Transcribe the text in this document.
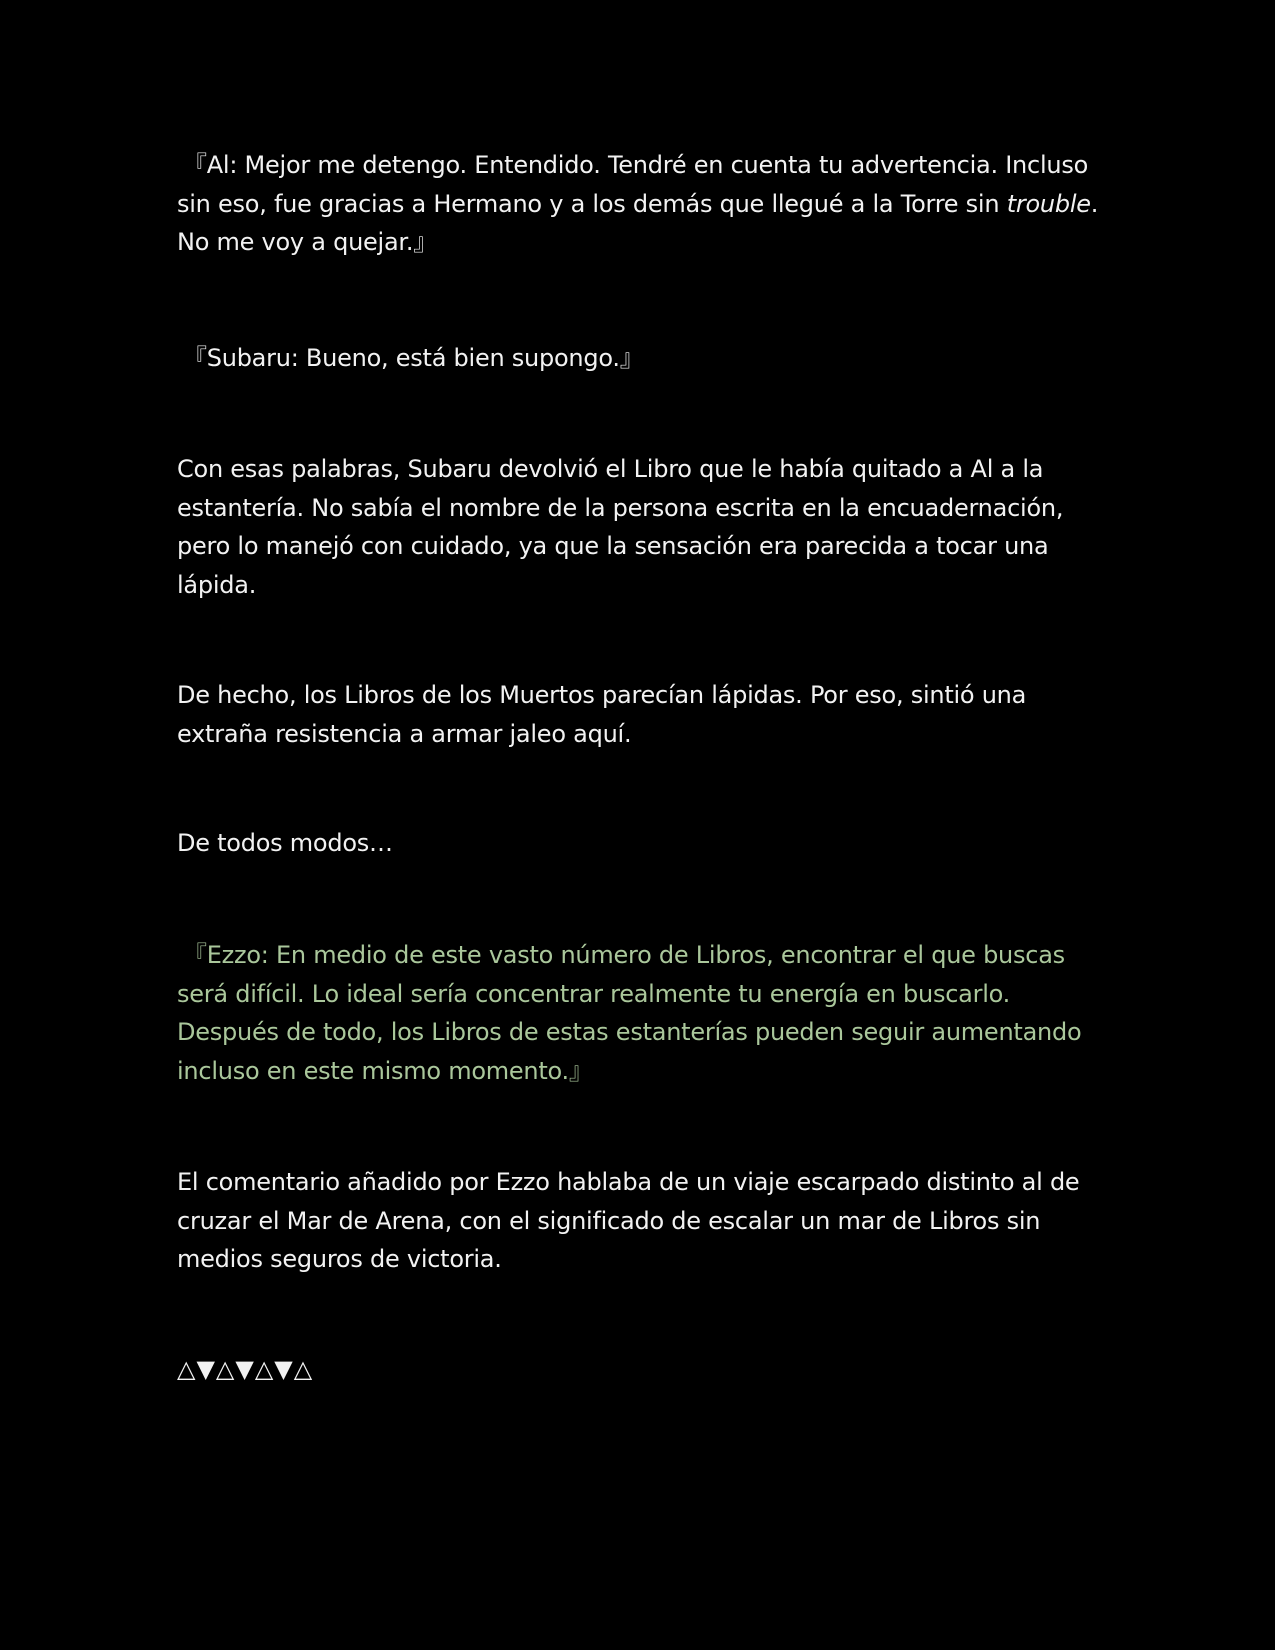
『Al: Mejor me detengo. Entendido. Tendré en cuenta tu advertencia. Incluso sin eso, fue gracias a Hermano y a los demás que llegué a la Torre sin trouble. No me voy a quejar.』

『Subaru: Bueno, está bien supongo.』

Con esas palabras, Subaru devolvió el Libro que le había quitado a Al a la estantería. No sabía el nombre de la persona escrita en la encuadernación, pero lo manejó con cuidado, ya que la sensación era parecida a tocar una lápida.

De hecho, los Libros de los Muertos parecían lápidas. Por eso, sintió una extraña resistencia a armar jaleo aquí.

De todos modos…

『Ezzo: En medio de este vasto número de Libros, encontrar el que buscas será difícil. Lo ideal sería concentrar realmente tu energía en buscarlo. Después de todo, los Libros de estas estanterías pueden seguir aumentando incluso en este mismo momento.』

El comentario añadido por Ezzo hablaba de un viaje escarpado distinto al de cruzar el Mar de Arena, con el significado de escalar un mar de Libros sin medios seguros de victoria.

△▼△▼△▼△
